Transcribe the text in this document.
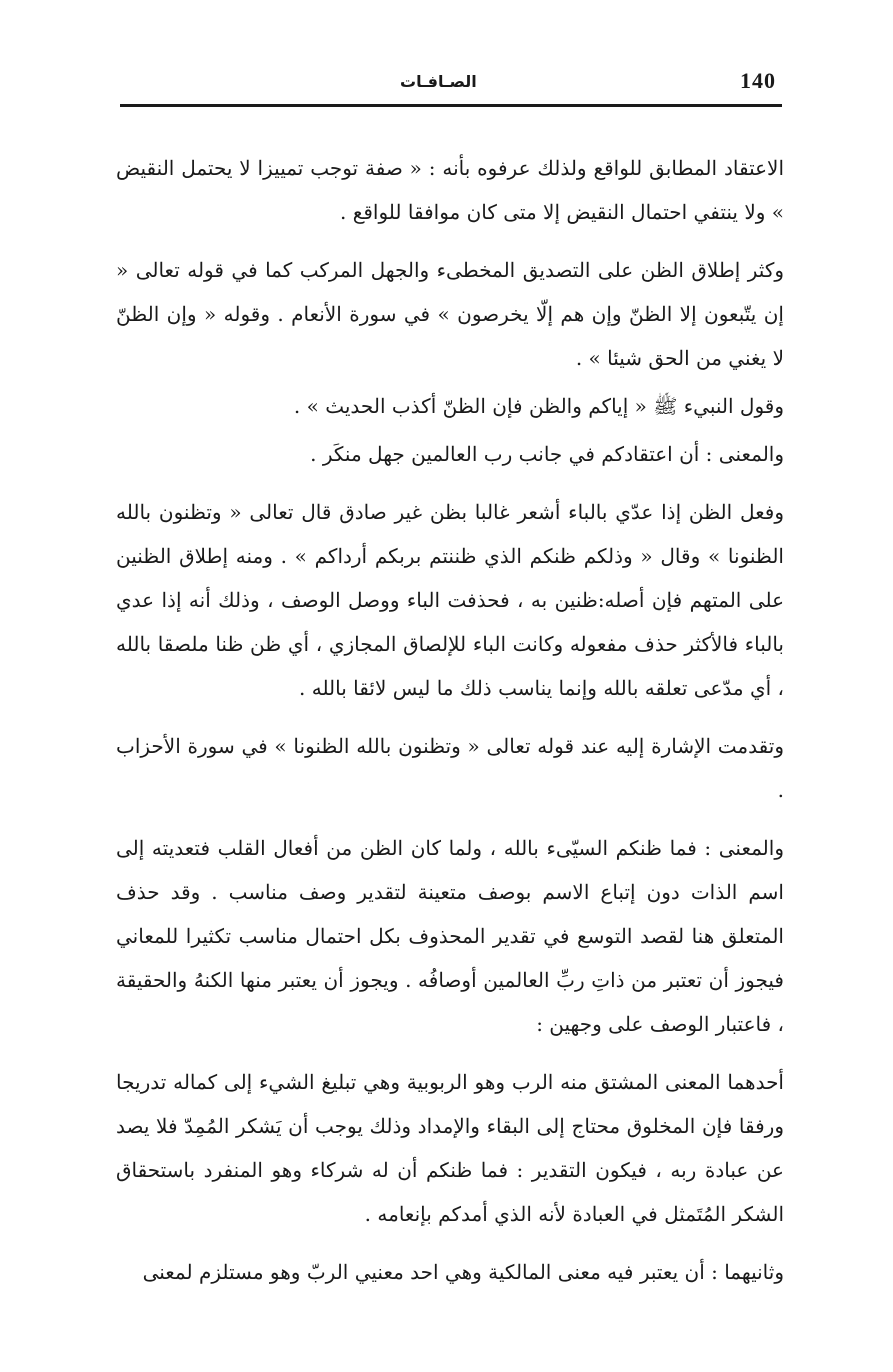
140
الصـافـات

الاعتقاد المطابق للواقع ولذلك عرفوه بأنه : « صفة توجب تمييزا لا يحتمل النقيض » ولا ينتفي احتمال النقيض إلا متى كان موافقا للواقع .

وكثر إطلاق الظن على التصديق المخطىء والجهل المركب كما في قوله تعالى « إن يتّبعون إلا الظنّ وإن هم إلّا يخرصون » في سورة الأنعام . وقوله « وإن الظنّ لا يغني من الحق شيئا » .

وقول النبيء ﷺ « إياكم والظن فإن الظنّ أكذب الحديث » .

والمعنى : أن اعتقادكم في جانب رب العالمين جهل منكَر .

وفعل الظن إذا عدّي بالباء أشعر غالبا بظن غير صادق قال تعالى « وتظنون بالله الظنونا » وقال « وذلكم ظنكم الذي ظننتم بربكم أرداكم » . ومنه إطلاق الظنين على المتهم فإن أصله:ظنين به ، فحذفت الباء ووصل الوصف ، وذلك أنه إذا عدي بالباء فالأكثر حذف مفعوله وكانت الباء للإلصاق المجازي ، أي ظن ظنا ملصقا بالله ، أي مدّعى تعلقه بالله وإنما يناسب ذلك ما ليس لائقا بالله .

وتقدمت الإشارة إليه عند قوله تعالى « وتظنون بالله الظنونا » في سورة الأحزاب .

والمعنى : فما ظنكم السيّىء بالله ، ولما كان الظن من أفعال القلب فتعديته إلى اسم الذات دون إتباع الاسم بوصف متعينة لتقدير وصف مناسب . وقد حذف المتعلق هنا لقصد التوسع في تقدير المحذوف بكل احتمال مناسب تكثيرا للمعاني فيجوز أن تعتبر من ذاتِ ربِّ العالمين أوصافُه . ويجوز أن يعتبر منها الكنهُ والحقيقة ، فاعتبار الوصف على وجهين :

أحدهما المعنى المشتق منه الرب وهو الربوبية وهي تبليغ الشيء إلى كماله تدريجا ورفقا فإن المخلوق محتاج إلى البقاء والإمداد وذلك يوجب أن يَشكر المُمِدّ فلا يصد عن عبادة ربه ، فيكون التقدير : فما ظنكم أن له شركاء وهو المنفرد باستحقاق الشكر المُتَمثل في العبادة لأنه الذي أمدكم بإنعامه .

وثانيهما : أن يعتبر فيه معنى المالكية وهي احد معنيي الربّ وهو مستلزم لمعنى
